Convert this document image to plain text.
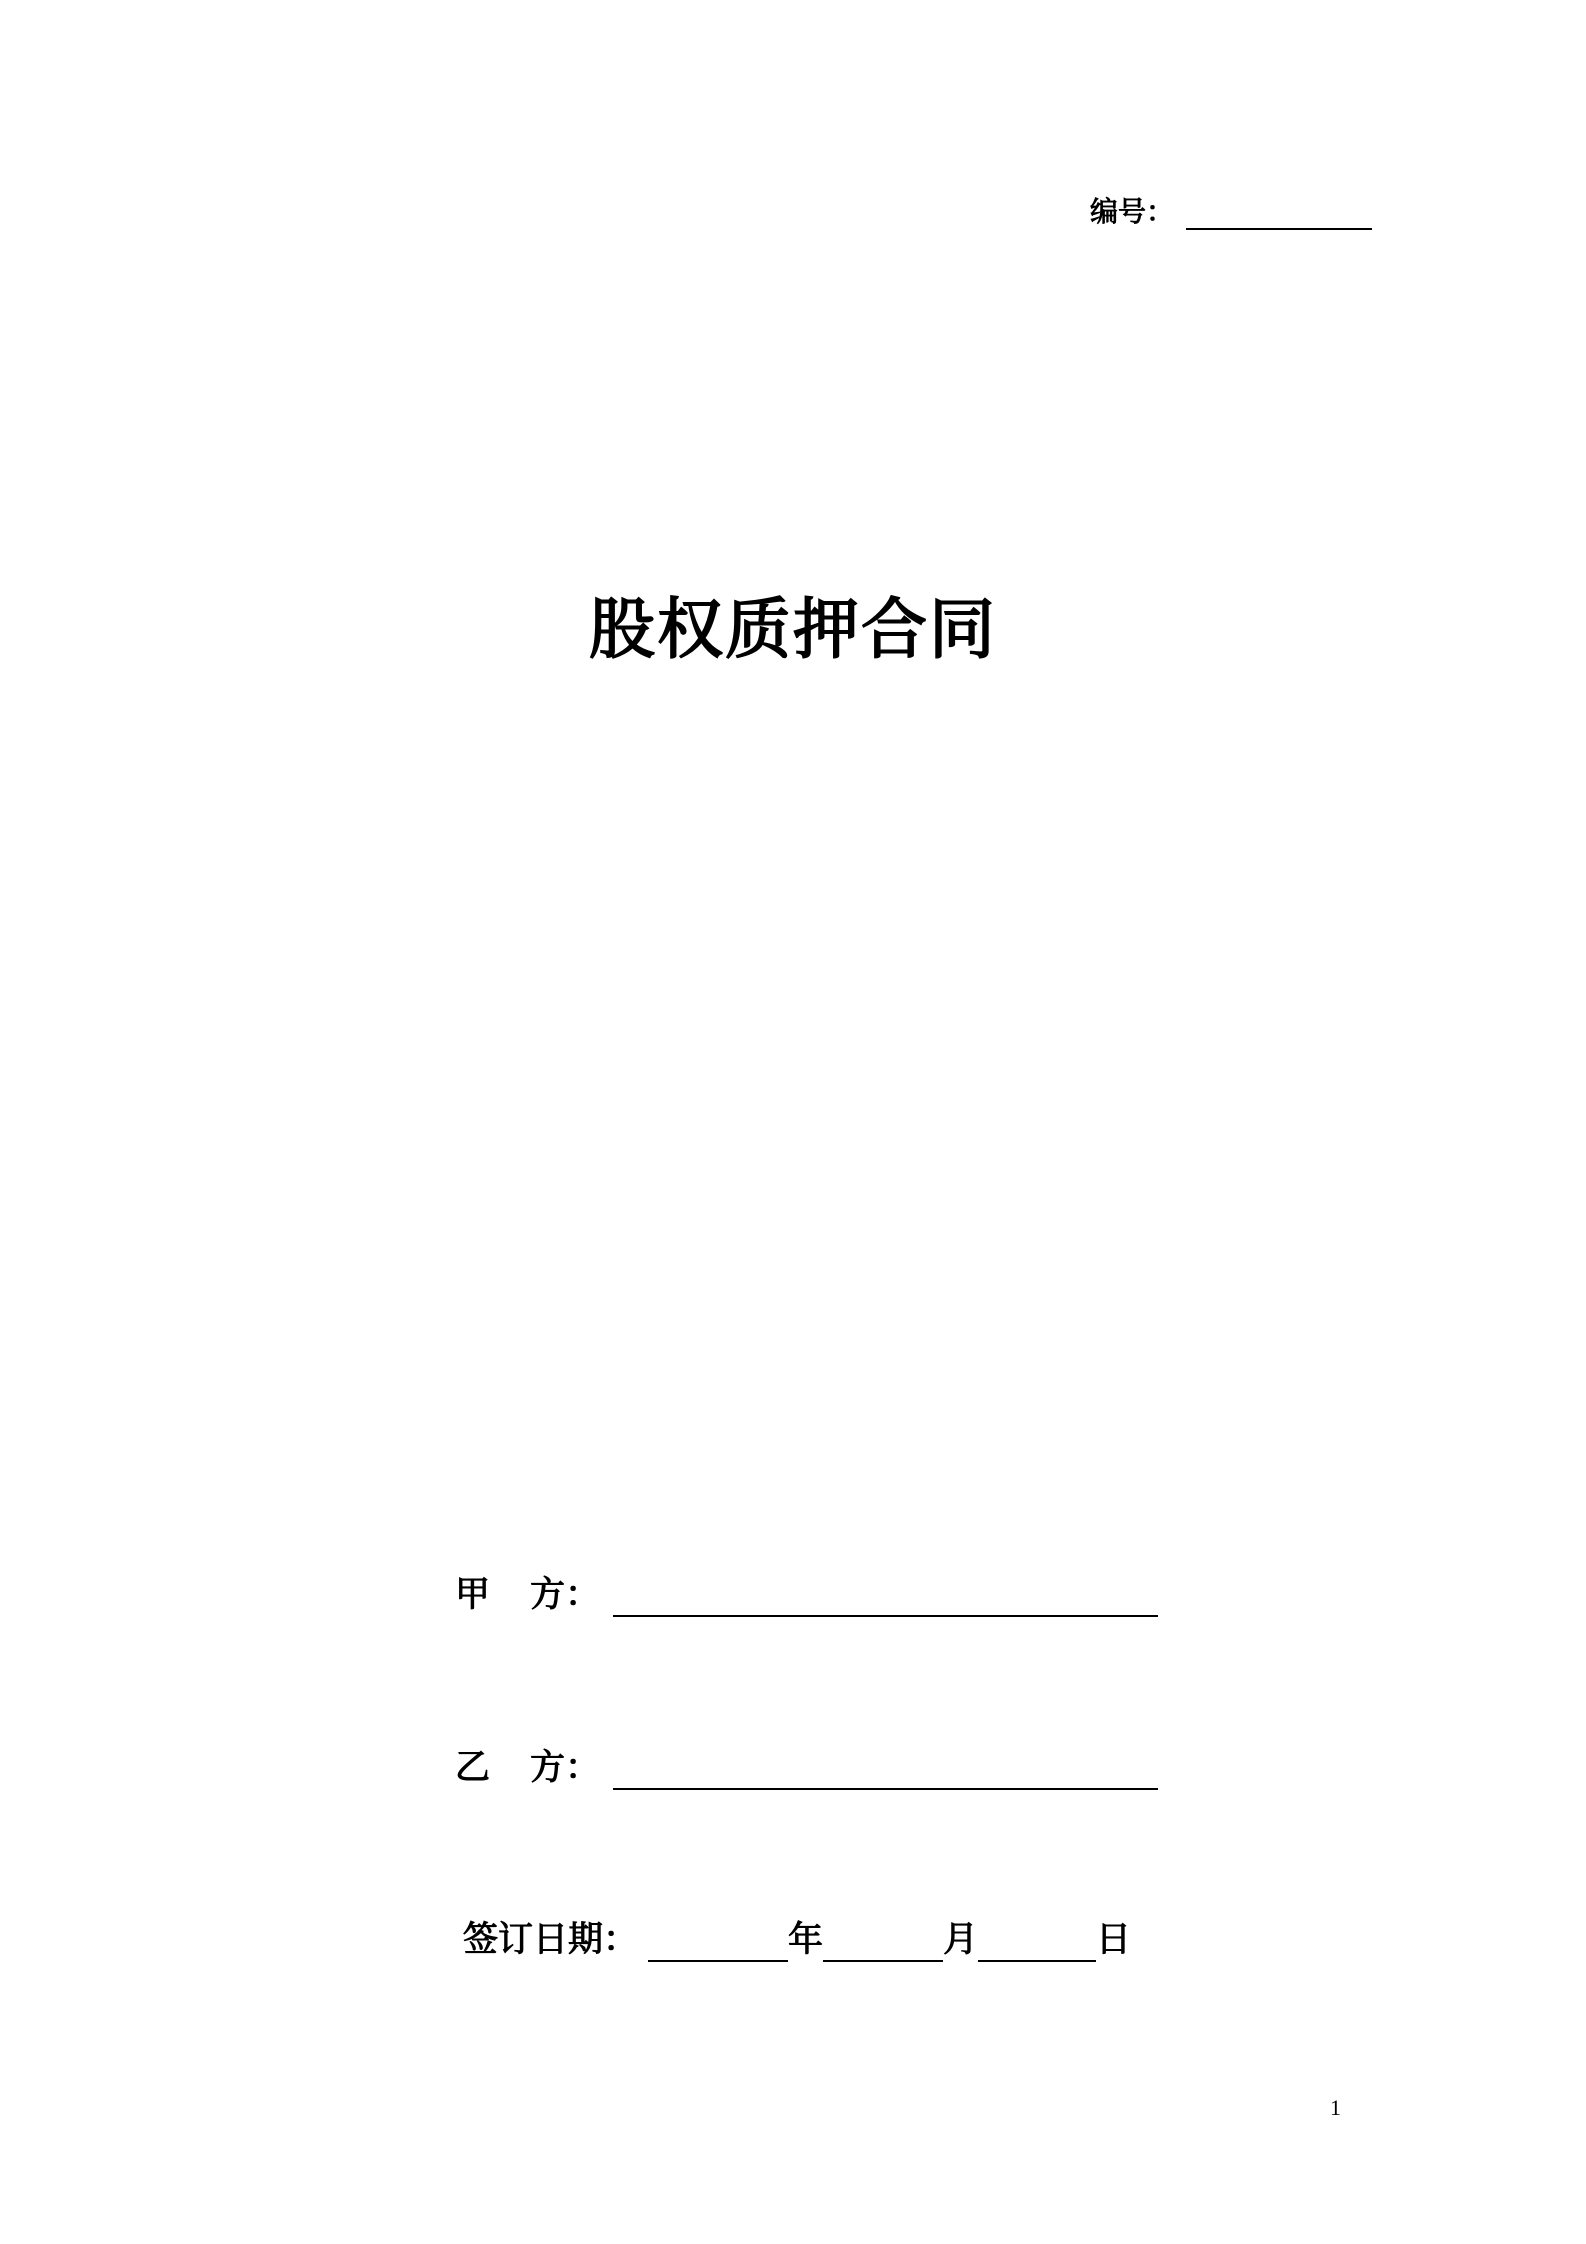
编号：
股权质押合同
甲 方：
乙 方：
签订日期：	年	月	日
1
